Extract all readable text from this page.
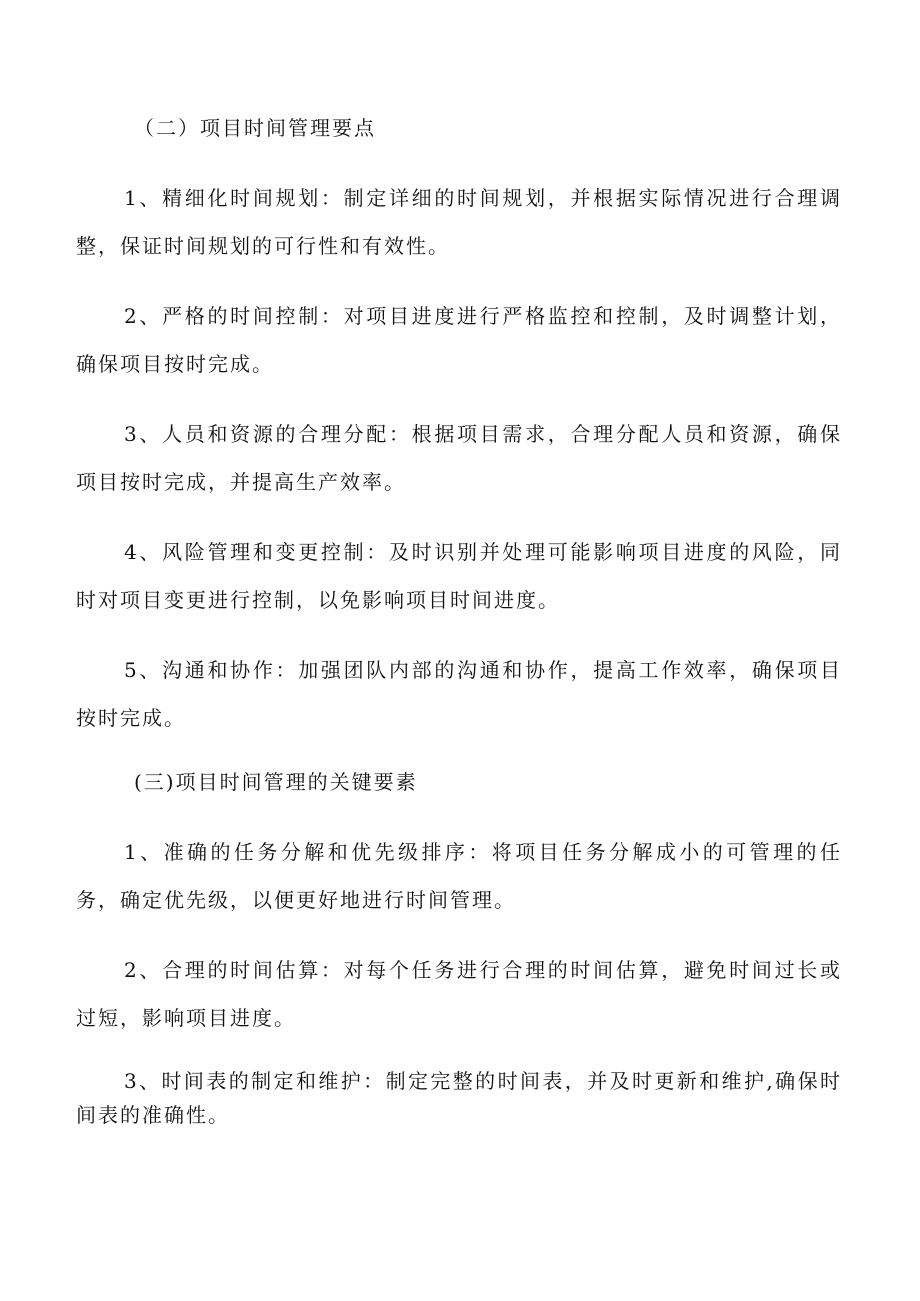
（二）项目时间管理要点

1、精细化时间规划：制定详细的时间规划，并根据实际情况进行合理调整，保证时间规划的可行性和有效性。

2、严格的时间控制：对项目进度进行严格监控和控制，及时调整计划，确保项目按时完成。

3、人员和资源的合理分配：根据项目需求，合理分配人员和资源，确保项目按时完成，并提高生产效率。

4、风险管理和变更控制：及时识别并处理可能影响项目进度的风险，同时对项目变更进行控制，以免影响项目时间进度。

5、沟通和协作：加强团队内部的沟通和协作，提高工作效率，确保项目按时完成。

(三)项目时间管理的关键要素

1、准确的任务分解和优先级排序：将项目任务分解成小的可管理的任务，确定优先级，以便更好地进行时间管理。

2、合理的时间估算：对每个任务进行合理的时间估算，避免时间过长或过短，影响项目进度。

3、时间表的制定和维护：制定完整的时间表，并及时更新和维护,确保时间表的准确性。
